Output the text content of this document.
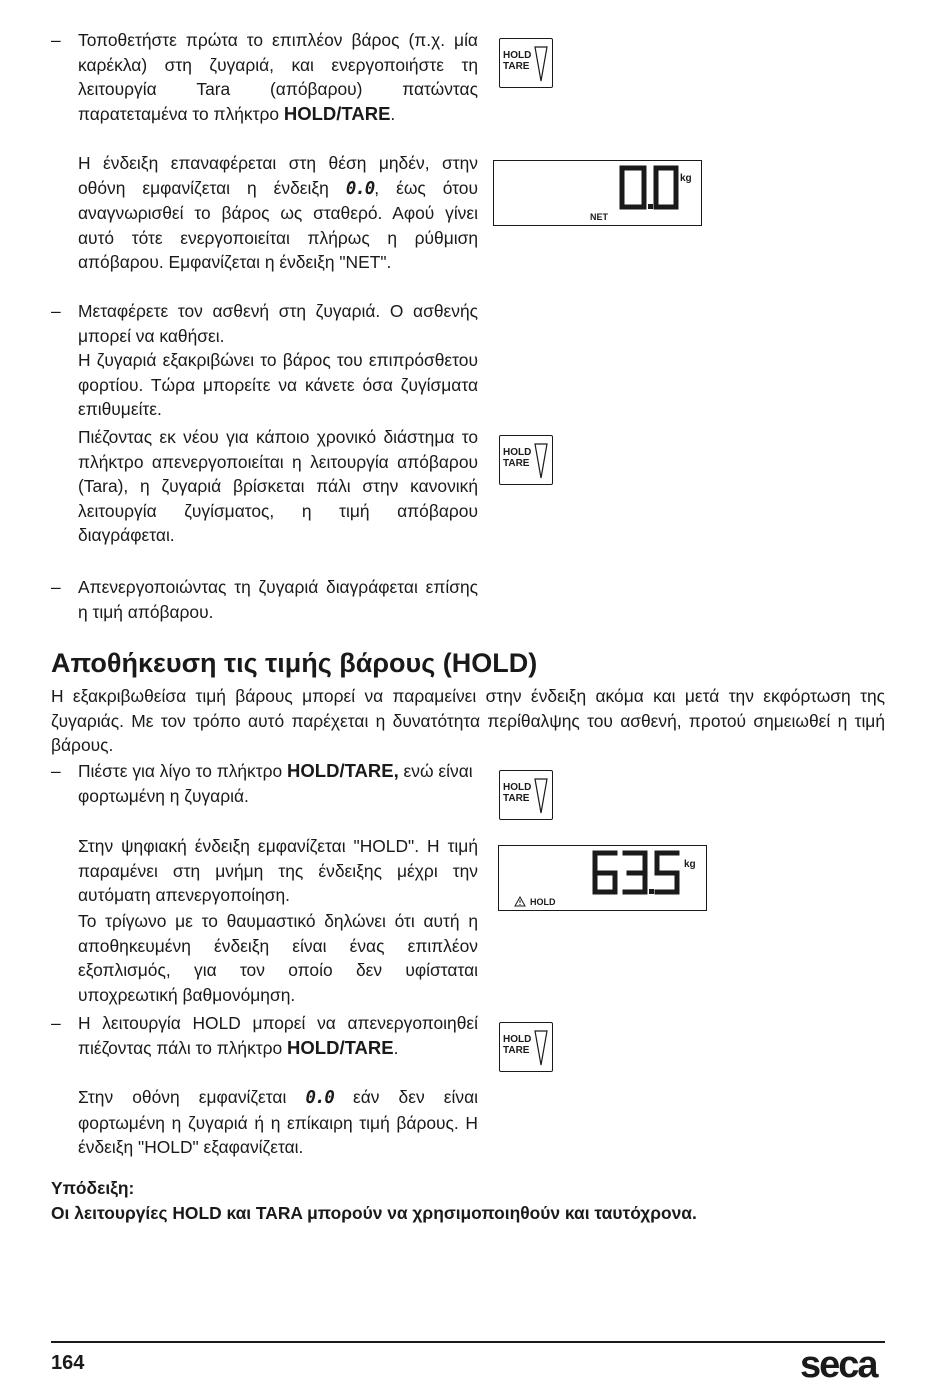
– Τοποθετήστε πρώτα το επιπλέον βάρος (π.χ. μία καρέκλα) στη ζυγαριά, και ενεργοποιήστε τη λειτουργία Tara (απόβαρου) πατώντας παρατεταμένα το πλήκτρο HOLD/TARE.
Η ένδειξη επαναφέρεται στη θέση μηδέν, στην οθόνη εμφανίζεται η ένδειξη 0.0, έως ότου αναγνωρισθεί το βάρος ως σταθερό. Αφού γίνει αυτό τότε ενεργοποιείται πλήρως η ρύθμιση απόβαρου. Εμφανίζεται η ένδειξη "NET".
– Μεταφέρετε τον ασθενή στη ζυγαριά. Ο ασθενής μπορεί να καθήσει.
Η ζυγαριά εξακριβώνει το βάρος του επιπρόσθετου φορτίου. Τώρα μπορείτε να κάνετε όσα ζυγίσματα επιθυμείτε.
Πιέζοντας εκ νέου για κάποιο χρονικό διάστημα το πλήκτρο απενεργοποιείται η λειτουργία απόβαρου (Tara), η ζυγαριά βρίσκεται πάλι στην κανονική λειτουργία ζυγίσματος, η τιμή απόβαρου διαγράφεται.
– Απενεργοποιώντας τη ζυγαριά διαγράφεται επίσης η τιμή απόβαρου.
HOLD
TARE
kg
NET
HOLD
TARE
Αποθήκευση τις τιμής βάρους (HOLD)
Η εξακριβωθείσα τιμή βάρους μπορεί να παραμείνει στην ένδειξη ακόμα και μετά την εκφόρτωση της ζυγαριάς. Με τον τρόπο αυτό παρέχεται η δυνατότητα περίθαλψης του ασθενή, προτού σημειωθεί η τιμή βάρους.
– Πιέστε για λίγο το πλήκτρο HOLD/TARE, ενώ είναι φορτωμένη η ζυγαριά.
Στην ψηφιακή ένδειξη εμφανίζεται "HOLD". Η τιμή παραμένει στη μνήμη της ένδειξης μέχρι την αυτόματη απενεργοποίηση.
Το τρίγωνο με το θαυμαστικό δηλώνει ότι αυτή η αποθηκευμένη ένδειξη είναι ένας επιπλέον εξοπλισμός, για τον οποίο δεν υφίσταται υποχρεωτική βαθμονόμηση.
– Η λειτουργία HOLD μπορεί να απενεργοποιηθεί πιέζοντας πάλι το πλήκτρο HOLD/TARE.
Στην οθόνη εμφανίζεται 0.0 εάν δεν είναι φορτωμένη η ζυγαριά ή η επίκαιρη τιμή βάρους. Η ένδειξη "HOLD" εξαφανίζεται.
HOLD
TARE
kg
HOLD
HOLD
TARE
Υπόδειξη:
Οι λειτουργίες HOLD και TARA μπορούν να χρησιμοποιηθούν και ταυτόχρονα.
164	seca
